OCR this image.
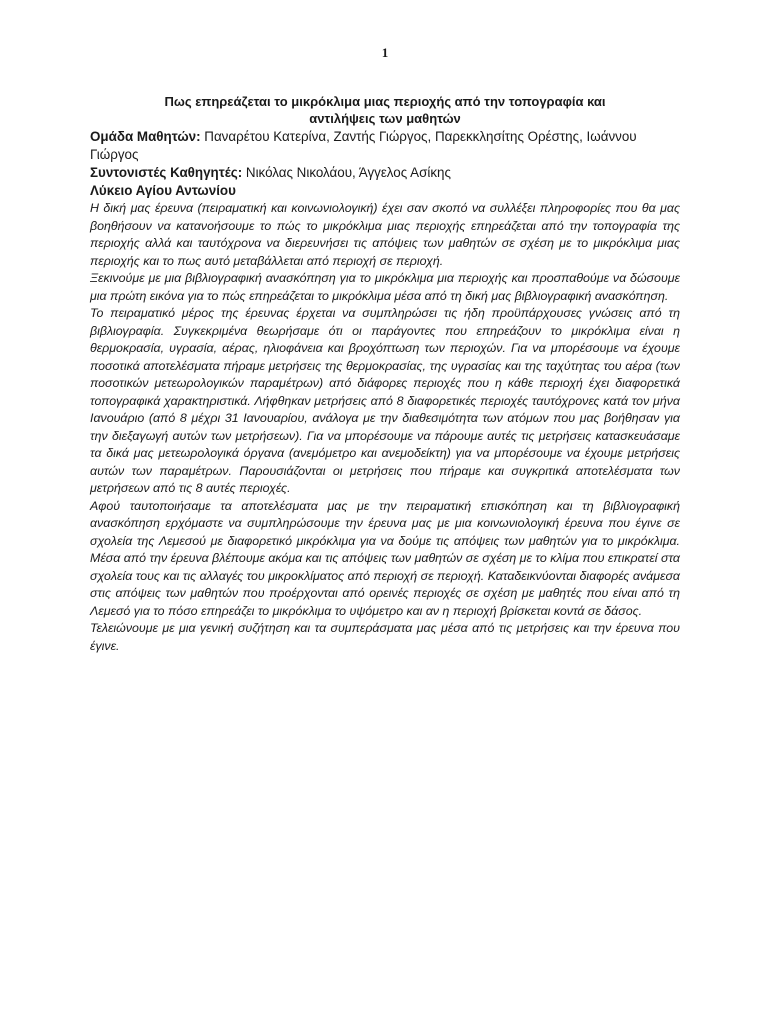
1
Πως επηρεάζεται το μικρόκλιμα μιας περιοχής από την τοπογραφία και
αντιλήψεις των μαθητών

Ομάδα Μαθητών: Παναρέτου Κατερίνα, Ζαντής Γιώργος, Παρεκκλησίτης Ορέστης, Ιωάννου Γιώργος

Συντονιστές Καθηγητές: Νικόλας Νικολάου, Άγγελος Ασίκης

Λύκειο Αγίου Αντωνίου

Η δική μας έρευνα (πειραματική και κοινωνιολογική) έχει σαν σκοπό να συλλέξει πληροφορίες που θα μας βοηθήσουν να κατανοήσουμε το πώς το μικρόκλιμα μιας περιοχής επηρεάζεται από την τοπογραφία της περιοχής αλλά και ταυτόχρονα να διερευνήσει τις απόψεις των μαθητών σε σχέση με το μικρόκλιμα μιας περιοχής και το πως αυτό μεταβάλλεται από περιοχή σε περιοχή.

Ξεκινούμε με μια βιβλιογραφική ανασκόπηση για το μικρόκλιμα μια περιοχής και προσπαθούμε να δώσουμε μια πρώτη εικόνα για το πώς επηρεάζεται το μικρόκλιμα μέσα από τη δική μας βιβλιογραφική ανασκόπηση.

Το πειραματικό μέρος της έρευνας έρχεται να συμπληρώσει τις ήδη προϋπάρχουσες γνώσεις από τη βιβλιογραφία. Συγκεκριμένα θεωρήσαμε ότι οι παράγοντες που επηρεάζουν το μικρόκλιμα είναι η θερμοκρασία, υγρασία, αέρας, ηλιοφάνεια και βροχόπτωση των περιοχών. Για να μπορέσουμε να έχουμε ποσοτικά αποτελέσματα πήραμε μετρήσεις της θερμοκρασίας, της υγρασίας και της ταχύτητας του αέρα (των ποσοτικών μετεωρολογικών παραμέτρων) από διάφορες περιοχές που η κάθε περιοχή έχει διαφορετικά τοπογραφικά χαρακτηριστικά. Λήφθηκαν μετρήσεις από 8 διαφορετικές περιοχές ταυτόχρονες κατά τον μήνα Ιανουάριο (από 8 μέχρι 31 Ιανουαρίου, ανάλογα με την διαθεσιμότητα των ατόμων που μας βοήθησαν για την διεξαγωγή αυτών των μετρήσεων). Για να μπορέσουμε να πάρουμε αυτές τις μετρήσεις κατασκευάσαμε τα δικά μας μετεωρολογικά όργανα (ανεμόμετρο και ανεμοδείκτη) για να μπορέσουμε να έχουμε μετρήσεις αυτών των παραμέτρων. Παρουσιάζονται οι μετρήσεις που πήραμε και συγκριτικά αποτελέσματα των μετρήσεων από τις 8 αυτές περιοχές.

Αφού ταυτοποιήσαμε τα αποτελέσματα μας με την πειραματική επισκόπηση και τη βιβλιογραφική ανασκόπηση ερχόμαστε να συμπληρώσουμε την έρευνα μας με μια κοινωνιολογική έρευνα που έγινε σε σχολεία της Λεμεσού με διαφορετικό μικρόκλιμα για να δούμε τις απόψεις των μαθητών για το μικρόκλιμα. Μέσα από την έρευνα βλέπουμε ακόμα και τις απόψεις των μαθητών σε σχέση με το κλίμα που επικρατεί στα σχολεία τους και τις αλλαγές του μικροκλίματος από περιοχή σε περιοχή. Καταδεικνύονται διαφορές ανάμεσα στις απόψεις των μαθητών που προέρχονται από ορεινές περιοχές σε σχέση με μαθητές που είναι από τη Λεμεσό για το πόσο επηρεάζει το μικρόκλιμα το υψόμετρο και αν η περιοχή βρίσκεται κοντά σε δάσος.

Τελειώνουμε με μια γενική συζήτηση και τα συμπεράσματα μας μέσα από τις μετρήσεις και την έρευνα που έγινε.
